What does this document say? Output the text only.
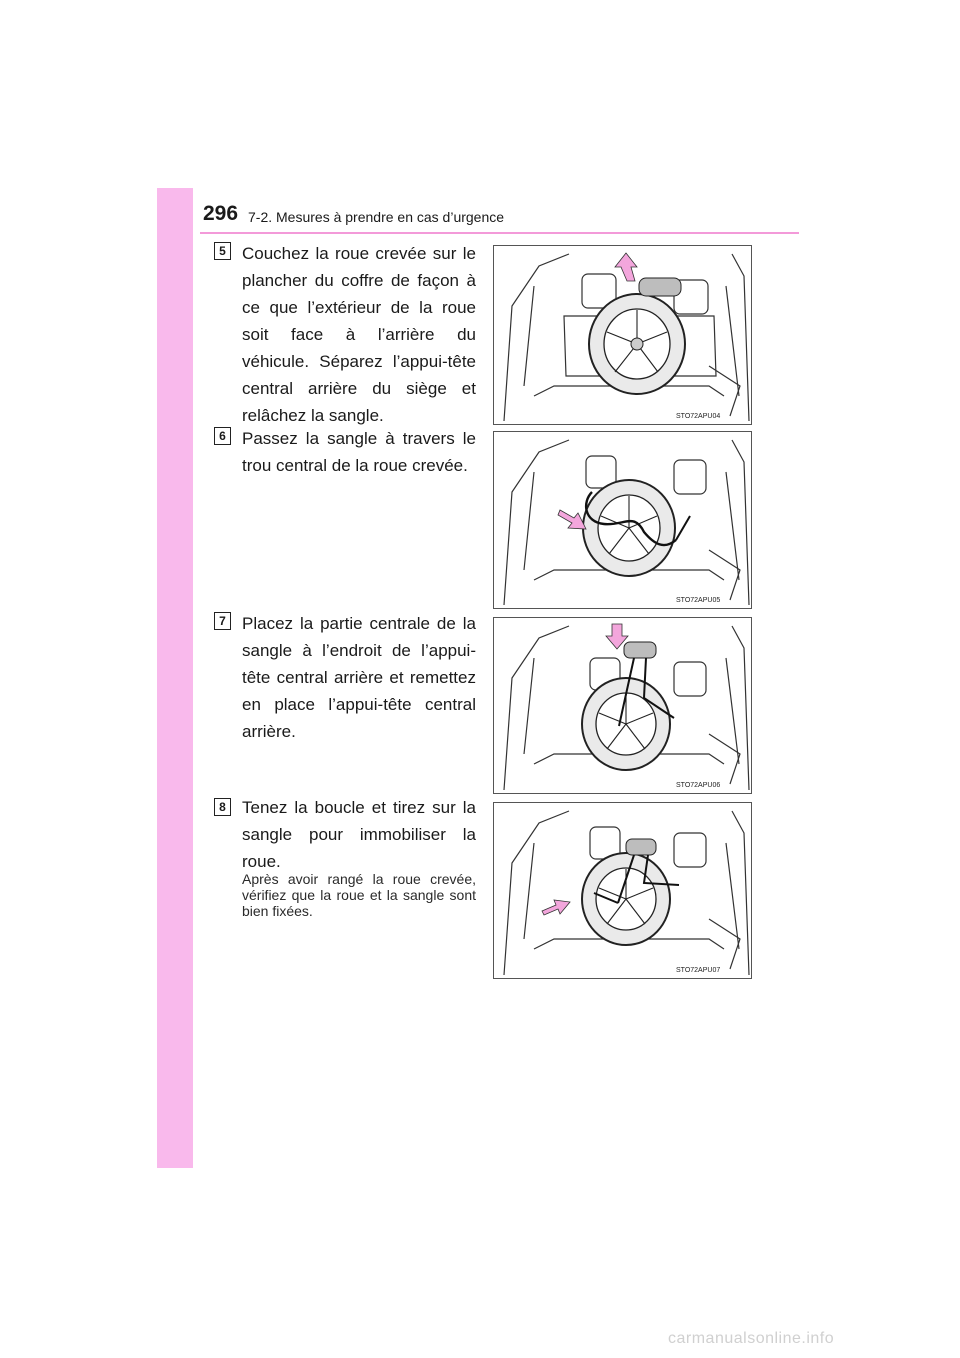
296 7-2. Mesures à prendre en cas d’urgence
5 Couchez la roue crevée sur le plancher du coffre de façon à ce que l’extérieur de la roue soit face à l’arrière du véhicule. Séparez l’appui-tête central arrière du siège et relâchez la sangle.	STO72APU04
6 Passez la sangle à travers le trou central de la roue crevée.
STO72APU05
7 Placez la partie centrale de la sangle à l’endroit de l’appui-tête central arrière et remettez en place l’appui-tête central arrière.
STO72APU06
8 Tenez la boucle et tirez sur la sangle pour immobiliser la roue.
Après avoir rangé la roue crevée, vérifiez que la roue et la sangle sont bien fixées.
STO72APU07
carmanualsonline.info
